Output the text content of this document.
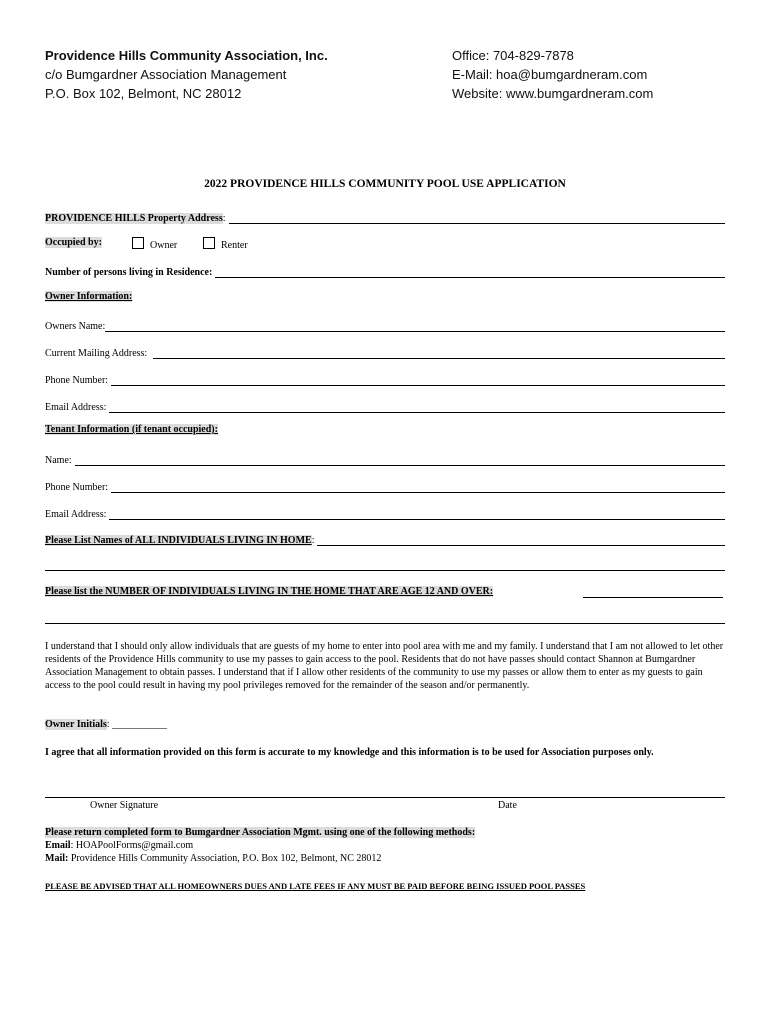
Providence Hills Community Association, Inc.
c/o Bumgardner Association Management
P.O. Box 102, Belmont, NC 28012
Office: 704-829-7878
E-Mail: hoa@bumgardneram.com
Website: www.bumgardneram.com
2022 PROVIDENCE HILLS COMMUNITY POOL USE APPLICATION
PROVIDENCE HILLS Property Address:
Occupied by:	Owner	Renter
Number of persons living in Residence:
Owner Information:
Owners Name:
Current Mailing Address:
Phone Number:
Email Address:
Tenant Information (if tenant occupied):
Name:
Phone Number:
Email Address:
Please List Names of ALL INDIVIDUALS LIVING IN HOME:
Please list the NUMBER OF INDIVIDUALS LIVING IN THE HOME THAT ARE AGE 12 AND OVER:
I understand that I should only allow individuals that are guests of my home to enter into pool area with me and my family. I understand that I am not allowed to let other residents of the Providence Hills community to use my passes to gain access to the pool. Residents that do not have passes should contact Shannon at Bumgardner Association Management to obtain passes. I understand that if I allow other residents of the community to use my passes or allow them to enter as my guests to gain access to the pool could result in having my pool privileges removed for the remainder of the season and/or permanently.
Owner Initials: ___________
I agree that all information provided on this form is accurate to my knowledge and this information is to be used for Association purposes only.
Owner Signature	Date
Please return completed form to Bumgardner Association Mgmt. using one of the following methods:
Email: HOAPoolForms@gmail.com
Mail: Providence Hills Community Association, P.O. Box 102, Belmont, NC 28012
PLEASE BE ADVISED THAT ALL HOMEOWNERS DUES AND LATE FEES IF ANY MUST BE PAID BEFORE BEING ISSUED POOL PASSES
